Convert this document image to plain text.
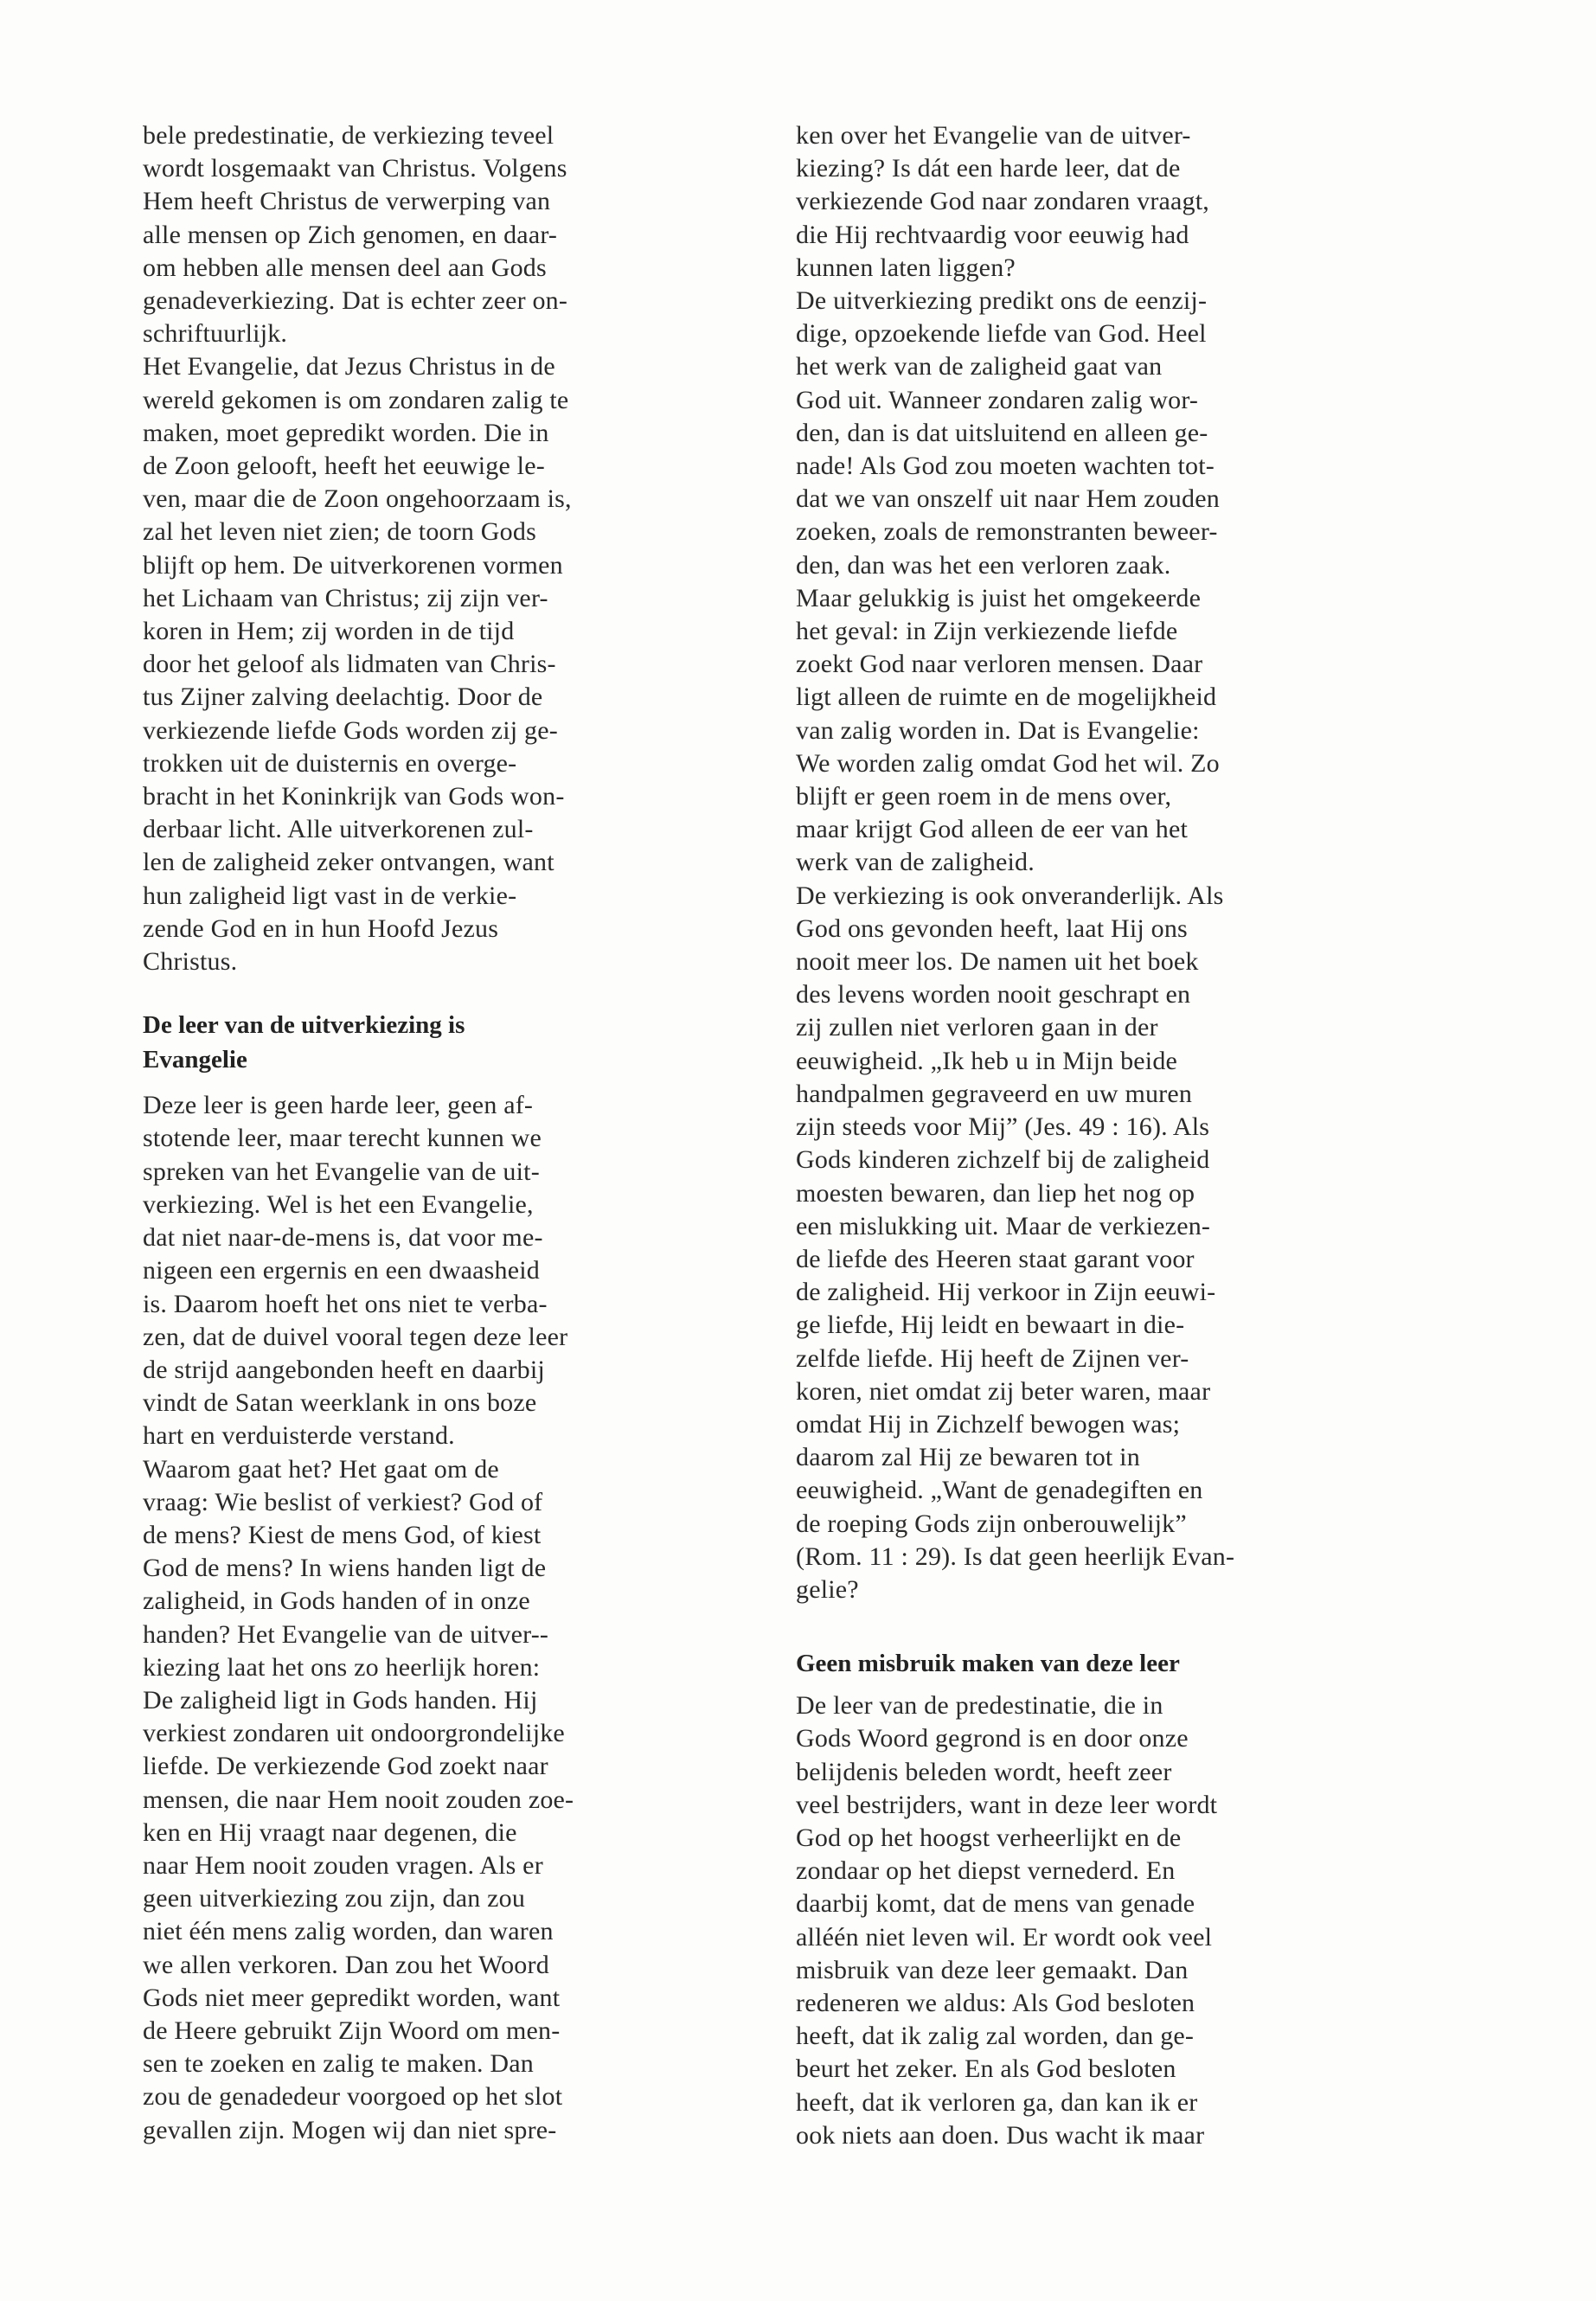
bele predestinatie, de verkiezing teveel
wordt losgemaakt van Christus. Volgens
Hem heeft Christus de verwerping van
alle mensen op Zich genomen, en daar-
om hebben alle mensen deel aan Gods
genadeverkiezing. Dat is echter zeer on-
schriftuurlijk.

Het Evangelie, dat Jezus Christus in de
wereld gekomen is om zondaren zalig te
maken, moet gepredikt worden. Die in
de Zoon gelooft, heeft het eeuwige le-
ven, maar die de Zoon ongehoorzaam is,
zal het leven niet zien; de toorn Gods
blijft op hem. De uitverkorenen vormen
het Lichaam van Christus; zij zijn ver-
koren in Hem; zij worden in de tijd
door het geloof als lidmaten van Chris-
tus Zijner zalving deelachtig. Door de
verkiezende liefde Gods worden zij ge-
trokken uit de duisternis en overge-
bracht in het Koninkrijk van Gods won-
derbaar licht. Alle uitverkorenen zul-
len de zaligheid zeker ontvangen, want
hun zaligheid ligt vast in de verkie-
zende God en in hun Hoofd Jezus
Christus.

De leer van de uitverkiezing is
Evangelie

Deze leer is geen harde leer, geen af-
stotende leer, maar terecht kunnen we
spreken van het Evangelie van de uit-
verkiezing. Wel is het een Evangelie,
dat niet naar-de-mens is, dat voor me-
nigeen een ergernis en een dwaasheid
is. Daarom hoeft het ons niet te verba-
zen, dat de duivel vooral tegen deze leer
de strijd aangebonden heeft en daarbij
vindt de Satan weerklank in ons boze
hart en verduisterde verstand.

Waarom gaat het? Het gaat om de
vraag: Wie beslist of verkiest? God of
de mens? Kiest de mens God, of kiest
God de mens? In wiens handen ligt de
zaligheid, in Gods handen of in onze
handen? Het Evangelie van de uitver--
kiezing laat het ons zo heerlijk horen:
De zaligheid ligt in Gods handen. Hij
verkiest zondaren uit ondoorgrondelijke
liefde. De verkiezende God zoekt naar
mensen, die naar Hem nooit zouden zoe-
ken en Hij vraagt naar degenen, die
naar Hem nooit zouden vragen. Als er
geen uitverkiezing zou zijn, dan zou
niet één mens zalig worden, dan waren
we allen verkoren. Dan zou het Woord
Gods niet meer gepredikt worden, want
de Heere gebruikt Zijn Woord om men-
sen te zoeken en zalig te maken. Dan
zou de genadedeur voorgoed op het slot
gevallen zijn. Mogen wij dan niet spre-

ken over het Evangelie van de uitver-
kiezing? Is dát een harde leer, dat de
verkiezende God naar zondaren vraagt,
die Hij rechtvaardig voor eeuwig had
kunnen laten liggen?

De uitverkiezing predikt ons de eenzij-
dige, opzoekende liefde van God. Heel
het werk van de zaligheid gaat van
God uit. Wanneer zondaren zalig wor-
den, dan is dat uitsluitend en alleen ge-
nade! Als God zou moeten wachten tot-
dat we van onszelf uit naar Hem zouden
zoeken, zoals de remonstranten beweer-
den, dan was het een verloren zaak.
Maar gelukkig is juist het omgekeerde
het geval: in Zijn verkiezende liefde
zoekt God naar verloren mensen. Daar
ligt alleen de ruimte en de mogelijkheid
van zalig worden in. Dat is Evangelie:
We worden zalig omdat God het wil. Zo
blijft er geen roem in de mens over,
maar krijgt God alleen de eer van het
werk van de zaligheid.

De verkiezing is ook onveranderlijk. Als
God ons gevonden heeft, laat Hij ons
nooit meer los. De namen uit het boek
des levens worden nooit geschrapt en
zij zullen niet verloren gaan in der
eeuwigheid. „Ik heb u in Mijn beide
handpalmen gegraveerd en uw muren
zijn steeds voor Mij” (Jes. 49 : 16). Als
Gods kinderen zichzelf bij de zaligheid
moesten bewaren, dan liep het nog op
een mislukking uit. Maar de verkiezen-
de liefde des Heeren staat garant voor
de zaligheid. Hij verkoor in Zijn eeuwi-
ge liefde, Hij leidt en bewaart in die-
zelfde liefde. Hij heeft de Zijnen ver-
koren, niet omdat zij beter waren, maar
omdat Hij in Zichzelf bewogen was;
daarom zal Hij ze bewaren tot in
eeuwigheid. „Want de genadegiften en
de roeping Gods zijn onberouwelijk”
(Rom. 11 : 29). Is dat geen heerlijk Evan-
gelie?

Geen misbruik maken van deze leer

De leer van de predestinatie, die in
Gods Woord gegrond is en door onze
belijdenis beleden wordt, heeft zeer
veel bestrijders, want in deze leer wordt
God op het hoogst verheerlijkt en de
zondaar op het diepst vernederd. En
daarbij komt, dat de mens van genade
alléén niet leven wil. Er wordt ook veel
misbruik van deze leer gemaakt. Dan
redeneren we aldus: Als God besloten
heeft, dat ik zalig zal worden, dan ge-
beurt het zeker. En als God besloten
heeft, dat ik verloren ga, dan kan ik er
ook niets aan doen. Dus wacht ik maar
